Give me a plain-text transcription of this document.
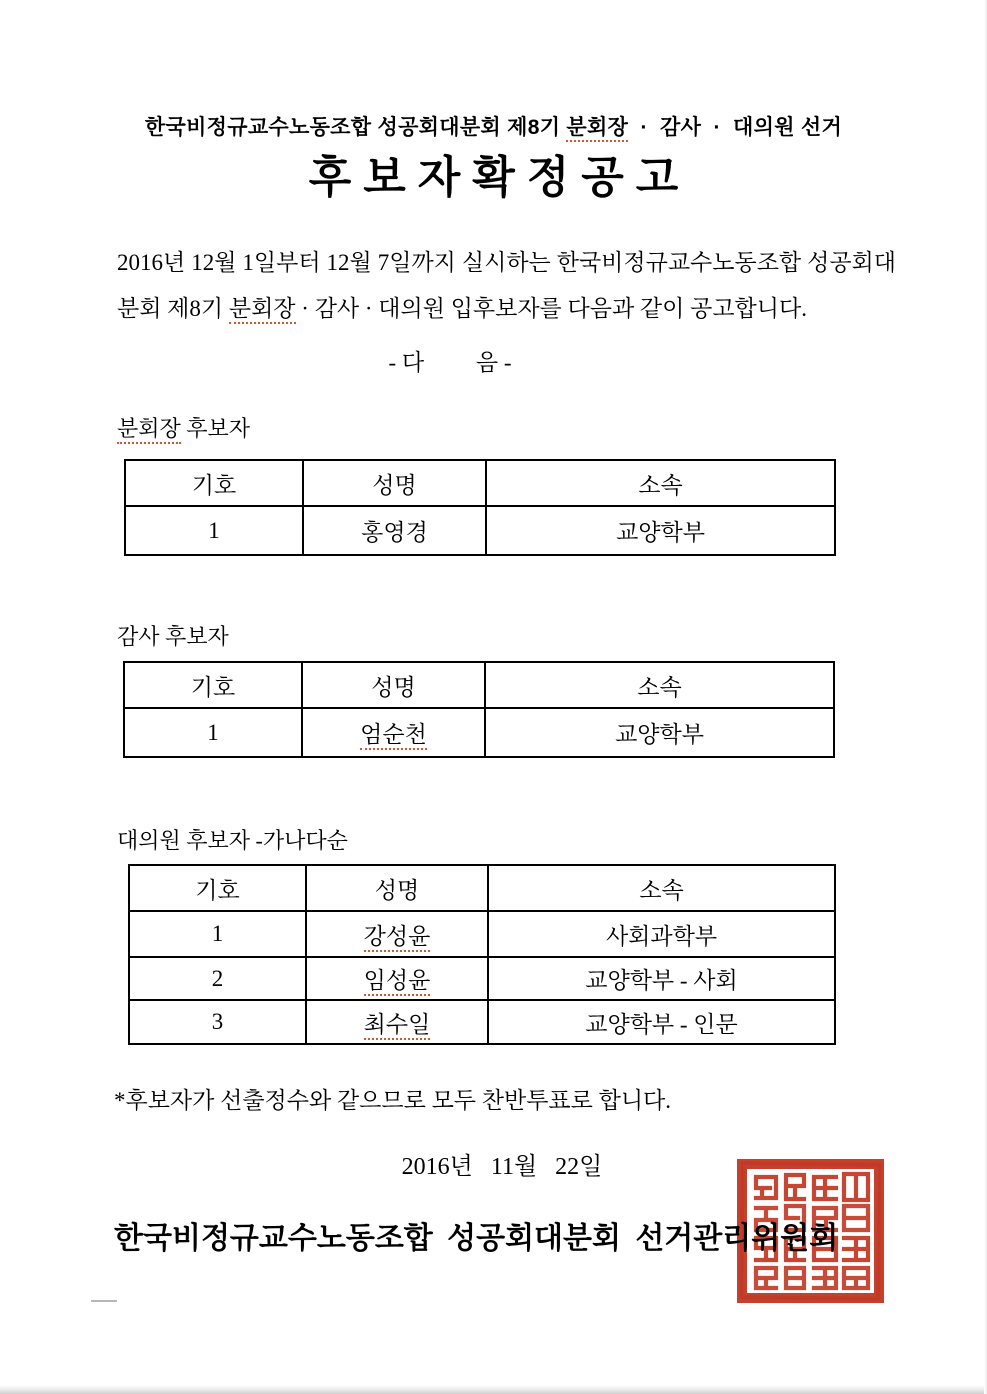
한국비정규교수노동조합 성공회대분회 제8기 분회장  ·  감사  ·  대의원 선거
후보자확정공고

2016년 12월 1일부터 12월 7일까지 실시하는 한국비정규교수노동조합 성공회대
분회 제8기 분회장 · 감사 · 대의원 입후보자를 다음과 같이 공고합니다.

- 다         음 -
분회장 후보자
기호	성명	소속
1	홍영경	교양학부
감사 후보자
기호	성명	소속
1	엄순천	교양학부
대의원 후보자 -가나다순
기호	성명	소속
1	강성윤	사회과학부
2	임성윤	교양학부 - 사회
3	최수일	교양학부 - 인문
*후보자가 선출정수와 같으므로 모두 찬반투표로 합니다.
2016년   11월   22일
한국비정규교수노동조합 성공회대분회 선거관리위원회
